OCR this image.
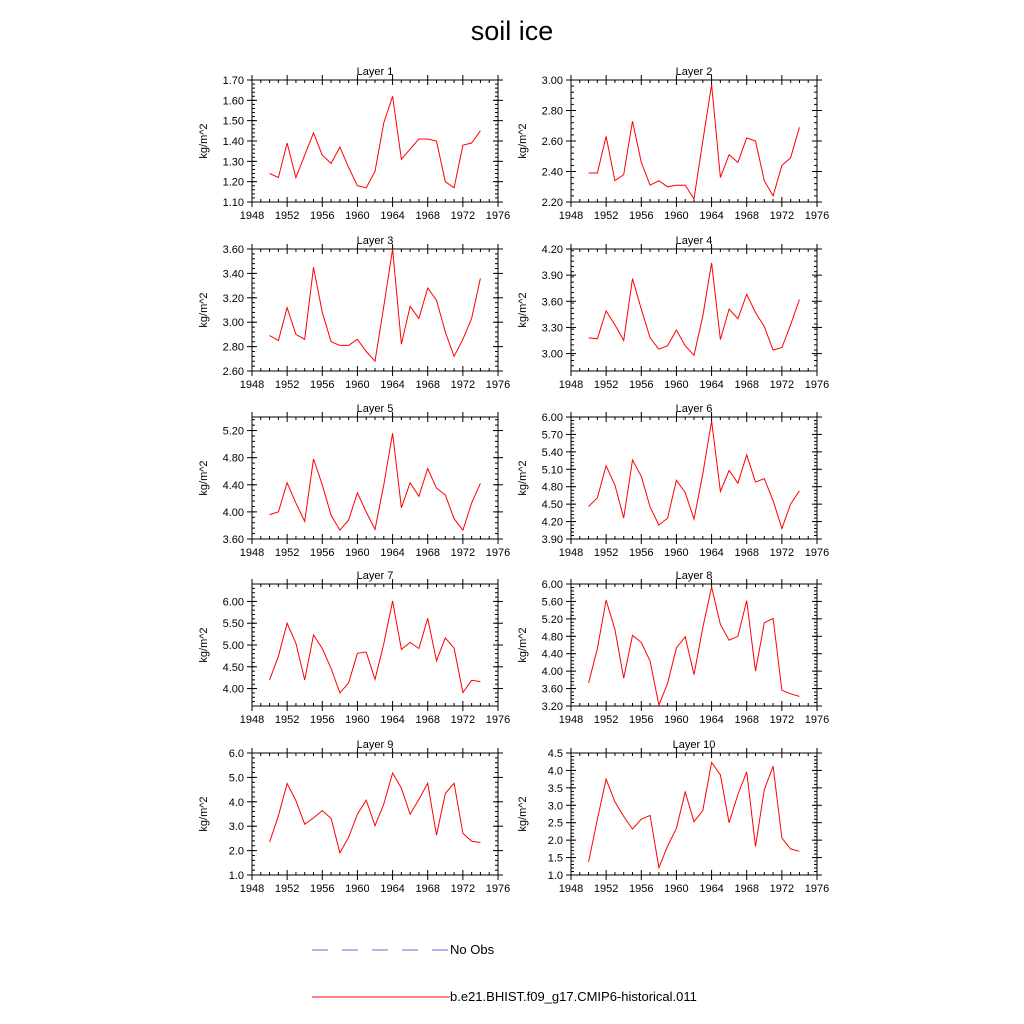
soil ice
Layer 1
kg/m^2
1948 1952 1956 1960 1964 1968 1972 1976
1.10
1.20
1.30
1.40
1.50
1.60
1.70
Layer 2
kg/m^2
1948 1952 1956 1960 1964 1968 1972 1976
2.20
2.40
2.60
2.80
3.00
Layer 3
kg/m^2
1948 1952 1956 1960 1964 1968 1972 1976
2.60
2.80
3.00
3.20
3.40
3.60
Layer 4
kg/m^2
1948 1952 1956 1960 1964 1968 1972 1976
3.00
3.30
3.60
3.90
4.20
Layer 5
kg/m^2
1948 1952 1956 1960 1964 1968 1972 1976
3.60
4.00
4.40
4.80
5.20
Layer 6
kg/m^2
1948 1952 1956 1960 1964 1968 1972 1976
3.90
4.20
4.50
4.80
5.10
5.40
5.70
6.00
Layer 7
kg/m^2
1948 1952 1956 1960 1964 1968 1972 1976
4.00
4.50
5.00
5.50
6.00
Layer 8
kg/m^2
1948 1952 1956 1960 1964 1968 1972 1976
3.20
3.60
4.00
4.40
4.80
5.20
5.60
6.00
Layer 9
kg/m^2
1948 1952 1956 1960 1964 1968 1972 1976
1.0
2.0
3.0
4.0
5.0
6.0
Layer 10
kg/m^2
1948 1952 1956 1960 1964 1968 1972 1976
1.0
1.5
2.0
2.5
3.0
3.5
4.0
4.5
No Obs
b.e21.BHIST.f09_g17.CMIP6-historical.011
